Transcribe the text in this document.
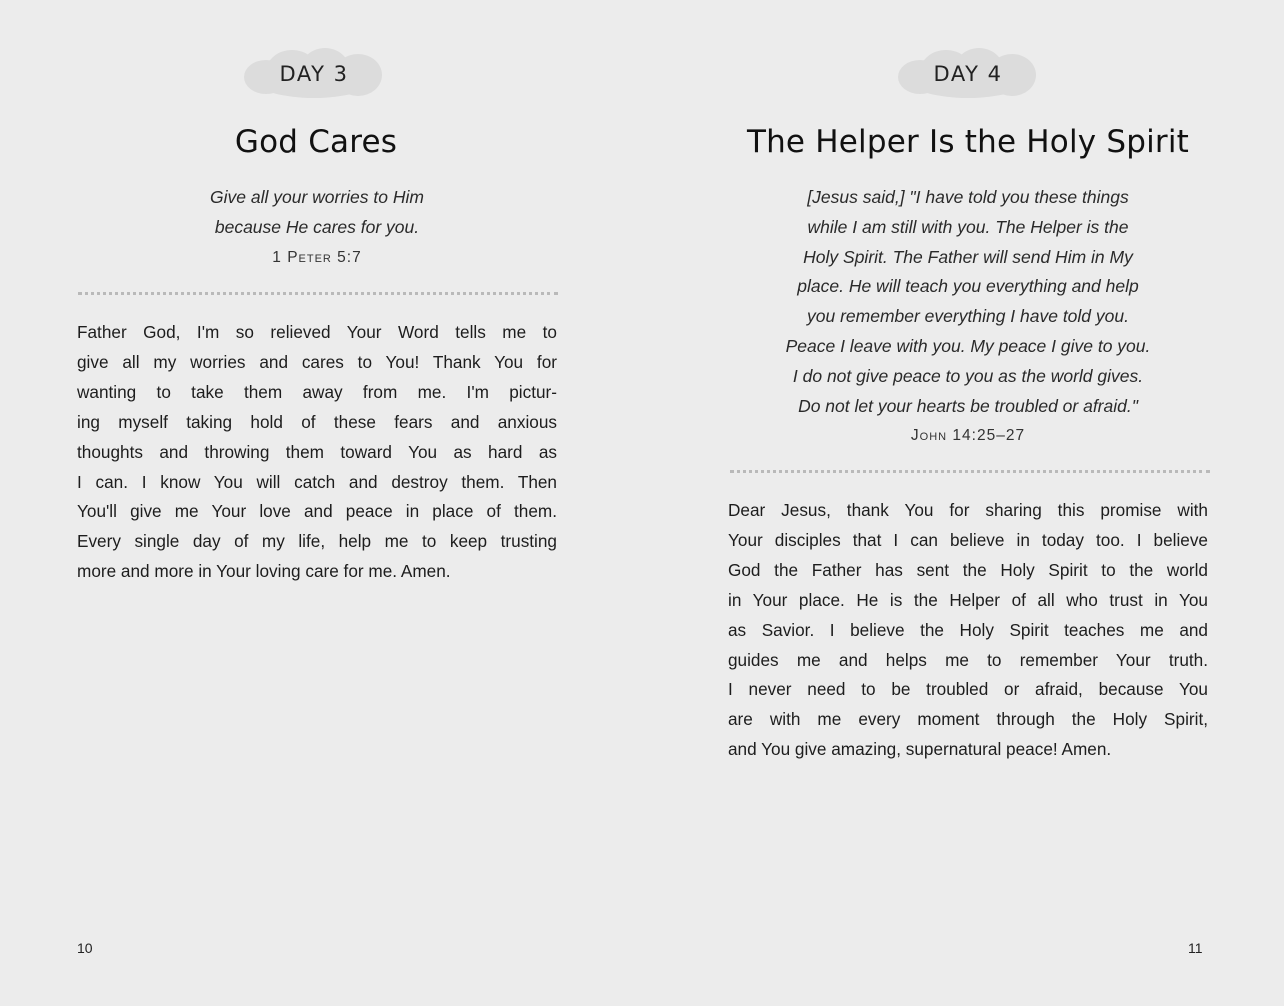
DAY 3
God Cares
Give all your worries to Him
because He cares for you.
1 Peter 5:7
Father God, I'm so relieved Your Word tells me to
give all my worries and cares to You! Thank You for
wanting to take them away from me. I'm pictur-
ing myself taking hold of these fears and anxious
thoughts and throwing them toward You as hard as
I can. I know You will catch and destroy them. Then
You'll give me Your love and peace in place of them.
Every single day of my life, help me to keep trusting
more and more in Your loving care for me. Amen.
10
DAY 4
The Helper Is the Holy Spirit
[Jesus said,] "I have told you these things
while I am still with you. The Helper is the
Holy Spirit. The Father will send Him in My
place. He will teach you everything and help
you remember everything I have told you.
Peace I leave with you. My peace I give to you.
I do not give peace to you as the world gives.
Do not let your hearts be troubled or afraid."
John 14:25–27
Dear Jesus, thank You for sharing this promise with
Your disciples that I can believe in today too. I believe
God the Father has sent the Holy Spirit to the world
in Your place. He is the Helper of all who trust in You
as Savior. I believe the Holy Spirit teaches me and
guides me and helps me to remember Your truth.
I never need to be troubled or afraid, because You
are with me every moment through the Holy Spirit,
and You give amazing, supernatural peace! Amen.
11
